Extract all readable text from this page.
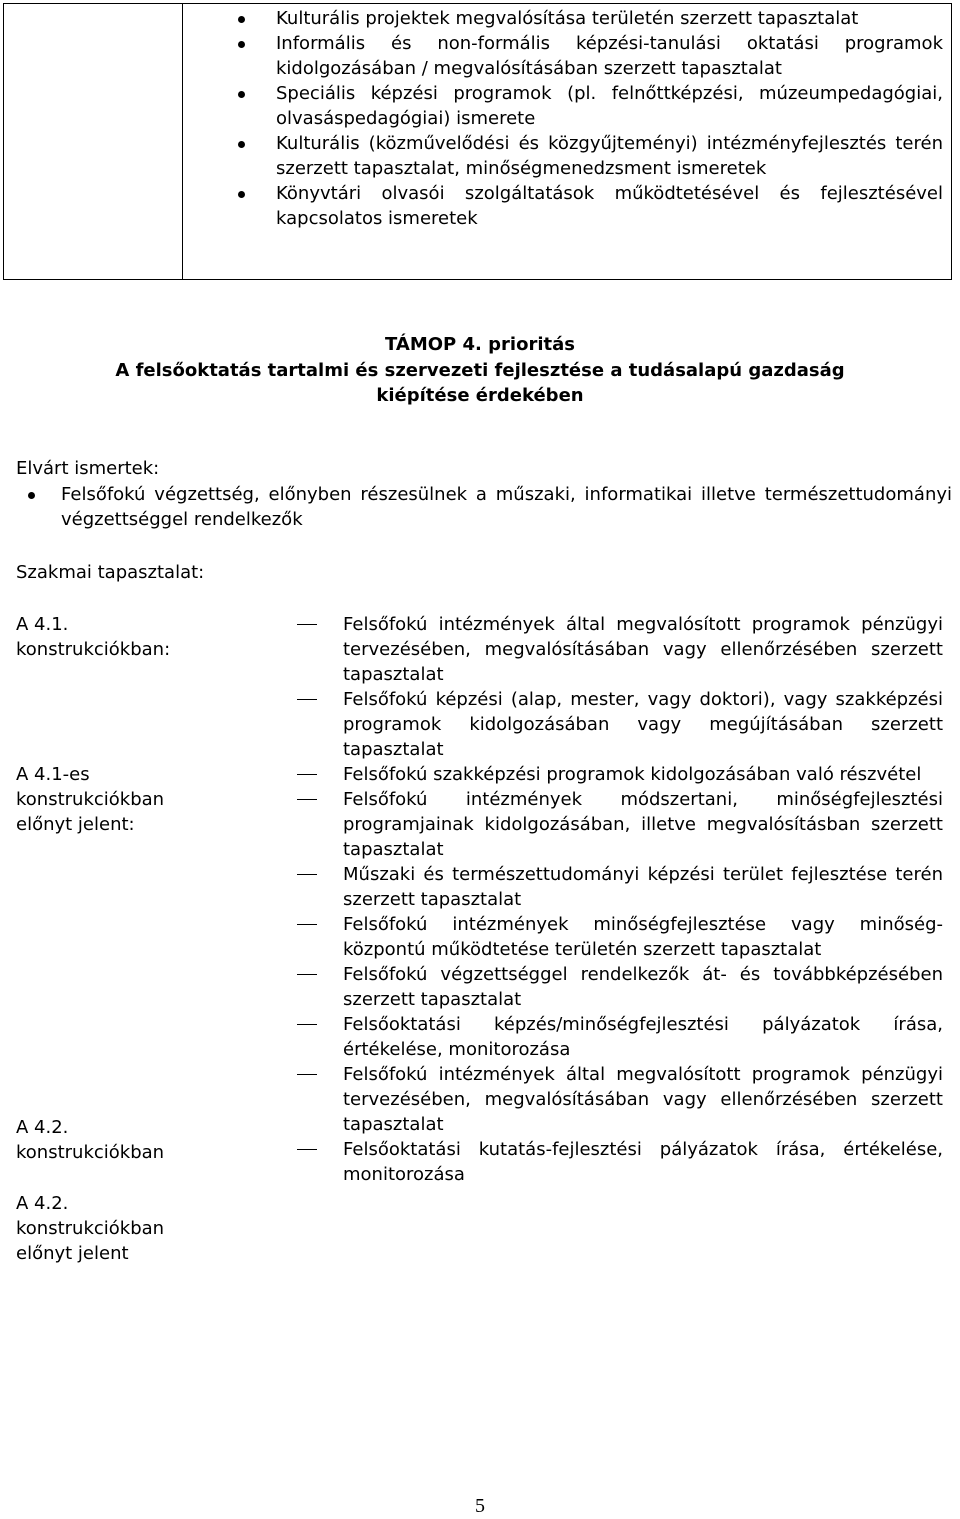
Kulturális projektek megvalósítása területén szerzett tapasztalat
Informális és non-formális képzési-tanulási oktatási programok kidolgozásában / megvalósításában szerzett tapasztalat
Speciális képzési programok (pl. felnőttképzési, múzeumpedagógiai, olvasáspedagógiai) ismerete
Kulturális (közművelődési és közgyűjteményi) intézményfejlesztés terén szerzett tapasztalat, minőségmenedzsment ismeretek
Könyvtári olvasói szolgáltatások működtetésével és fejlesztésével kapcsolatos ismeretek
TÁMOP 4. prioritás
A felsőoktatás tartalmi és szervezeti fejlesztése a tudásalapú gazdaság
kiépítése érdekében
Elvárt ismertek:
Felsőfokú végzettség, előnyben részesülnek a műszaki, informatikai illetve természettudományi végzettséggel rendelkezők
Szakmai tapasztalat:
A 4.1.
konstrukciókban:
A 4.1-es
konstrukciókban
előnyt jelent:
A 4.2.
konstrukciókban
A 4.2.
konstrukciókban
előnyt jelent
Felsőfokú intézmények által megvalósított programok pénzügyi tervezésében, megvalósításában vagy ellenőrzésében szerzett tapasztalat
Felsőfokú képzési (alap, mester, vagy doktori), vagy szakképzési programok kidolgozásában vagy megújításában szerzett tapasztalat
Felsőfokú szakképzési programok kidolgozásában való részvétel
Felsőfokú intézmények módszertani, minőségfejlesztési programjainak kidolgozásában, illetve megvalósításban szerzett tapasztalat
Műszaki és természettudományi képzési terület fejlesztése terén szerzett tapasztalat
Felsőfokú intézmények minőségfejlesztése vagy minőség-központú működtetése területén szerzett tapasztalat
Felsőfokú végzettséggel rendelkezők át- és továbbképzésében szerzett tapasztalat
Felsőoktatási képzés/minőségfejlesztési pályázatok írása, értékelése, monitorozása
Felsőfokú intézmények által megvalósított programok pénzügyi tervezésében, megvalósításában vagy ellenőrzésében szerzett tapasztalat
Felsőoktatási kutatás-fejlesztési pályázatok írása, értékelése, monitorozása
5
